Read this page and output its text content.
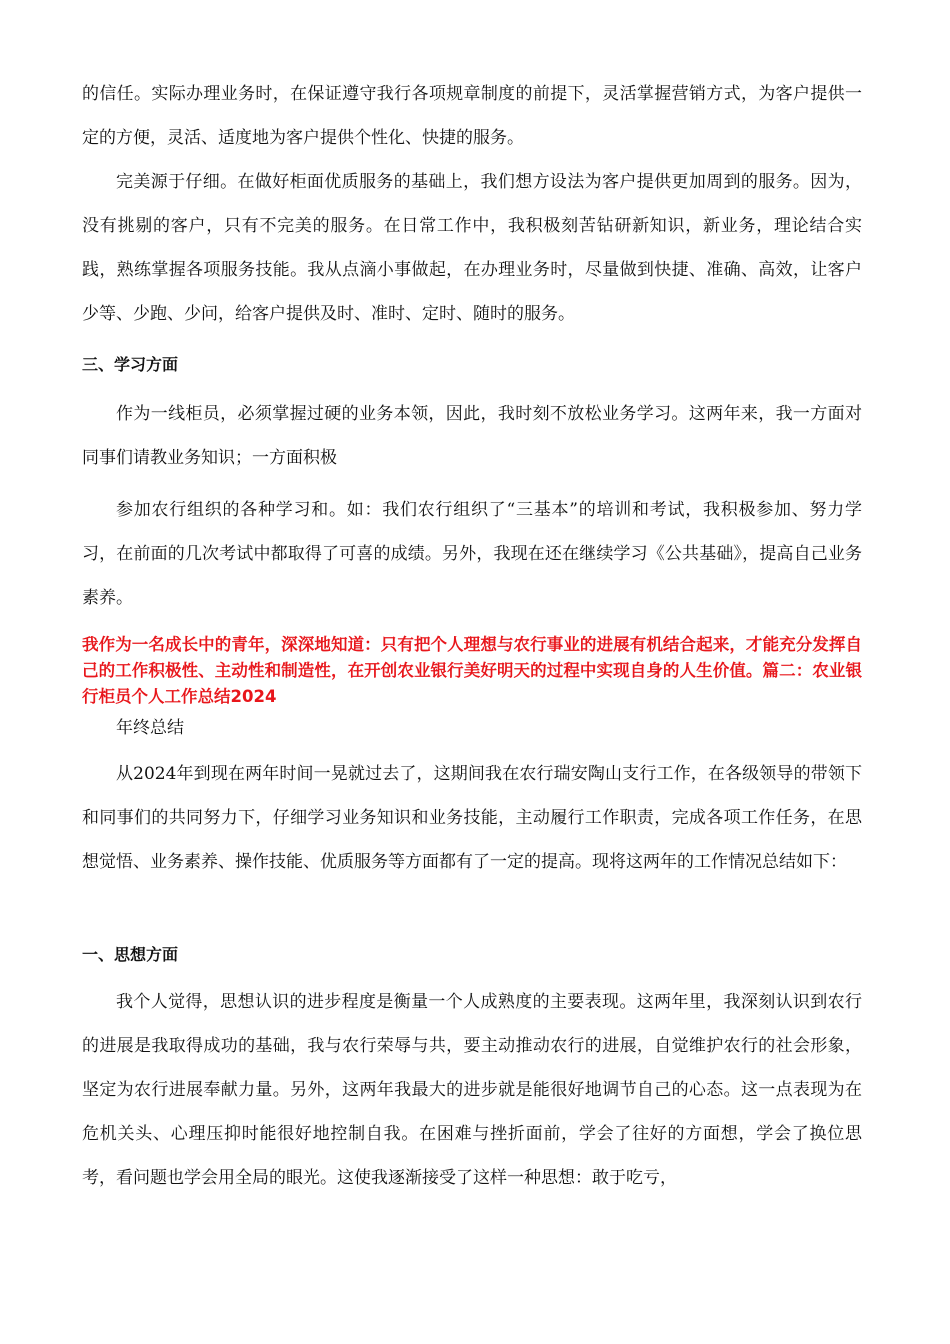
的信任。实际办理业务时，在保证遵守我行各项规章制度的前提下，灵活掌握营销方式，为客户提供一定的方便，灵活、适度地为客户提供个性化、快捷的服务。

完美源于仔细。在做好柜面优质服务的基础上，我们想方设法为客户提供更加周到的服务。因为，没有挑剔的客户，只有不完美的服务。在日常工作中，我积极刻苦钻研新知识，新业务，理论结合实践，熟练掌握各项服务技能。我从点滴小事做起，在办理业务时，尽量做到快捷、准确、高效，让客户少等、少跑、少问，给客户提供及时、准时、定时、随时的服务。

三、学习方面

作为一线柜员，必须掌握过硬的业务本领，因此，我时刻不放松业务学习。这两年来，我一方面对同事们请教业务知识；一方面积极

参加农行组织的各种学习和。如：我们农行组织了“三基本”的培训和考试，我积极参加、努力学习，在前面的几次考试中都取得了可喜的成绩。另外，我现在还在继续学习《公共基础》，提高自己业务素养。

我作为一名成长中的青年，深深地知道：只有把个人理想与农行事业的进展有机结合起来，才能充分发挥自己的工作积极性、主动性和制造性，在开创农业银行美好明天的过程中实现自身的人生价值。篇二：农业银行柜员个人工作总结2024

年终总结

从2024年到现在两年时间一晃就过去了，这期间我在农行瑞安陶山支行工作，在各级领导的带领下和同事们的共同努力下，仔细学习业务知识和业务技能，主动履行工作职责，完成各项工作任务，在思想觉悟、业务素养、操作技能、优质服务等方面都有了一定的提高。现将这两年的工作情况总结如下：

一、思想方面

我个人觉得，思想认识的进步程度是衡量一个人成熟度的主要表现。这两年里，我深刻认识到农行的进展是我取得成功的基础，我与农行荣辱与共，要主动推动农行的进展，自觉维护农行的社会形象，坚定为农行进展奉献力量。另外，这两年我最大的进步就是能很好地调节自己的心态。这一点表现为在危机关头、心理压抑时能很好地控制自我。在困难与挫折面前，学会了往好的方面想，学会了换位思考，看问题也学会用全局的眼光。这使我逐渐接受了这样一种思想：敢于吃亏，
